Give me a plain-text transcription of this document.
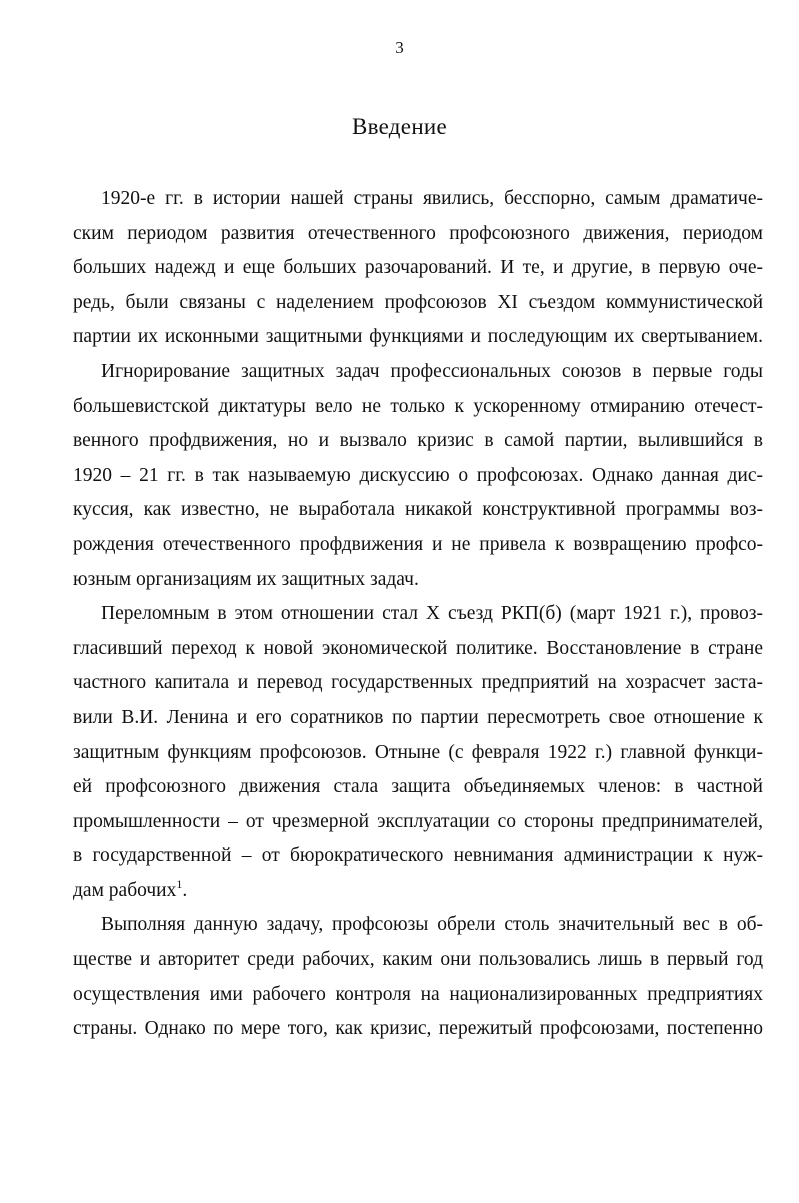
3
Введение
1920-е гг. в истории нашей страны явились, бесспорно, самым драматиче-
ским периодом развития отечественного профсоюзного движения, периодом
больших надежд и еще больших разочарований. И те, и другие, в первую оче-
редь, были связаны с наделением профсоюзов XI съездом коммунистической
партии их исконными защитными функциями и последующим их свертыванием.
Игнорирование защитных задач профессиональных союзов в первые годы
большевистской диктатуры вело не только к ускоренному отмиранию отечест-
венного профдвижения, но и вызвало кризис в самой партии, вылившийся в
1920 – 21 гг. в так называемую дискуссию о профсоюзах. Однако данная дис-
куссия, как известно, не выработала никакой конструктивной программы воз-
рождения отечественного профдвижения и не привела к возвращению профсо-
юзным организациям их защитных задач.
Переломным в этом отношении стал X съезд РКП(б) (март 1921 г.), провоз-
гласивший переход к новой экономической политике. Восстановление в стране
частного капитала и перевод государственных предприятий на хозрасчет заста-
вили В.И. Ленина и его соратников по партии пересмотреть свое отношение к
защитным функциям профсоюзов. Отныне (с февраля 1922 г.) главной функци-
ей профсоюзного движения стала защита объединяемых членов: в частной
промышленности – от чрезмерной эксплуатации со стороны предпринимателей,
в государственной – от бюрократического невнимания администрации к нуж-
дам рабочих$^1$.
Выполняя данную задачу, профсоюзы обрели столь значительный вес в об-
ществе и авторитет среди рабочих, каким они пользовались лишь в первый год
осуществления ими рабочего контроля на национализированных предприятиях
страны. Однако по мере того, как кризис, пережитый профсоюзами, постепенно
